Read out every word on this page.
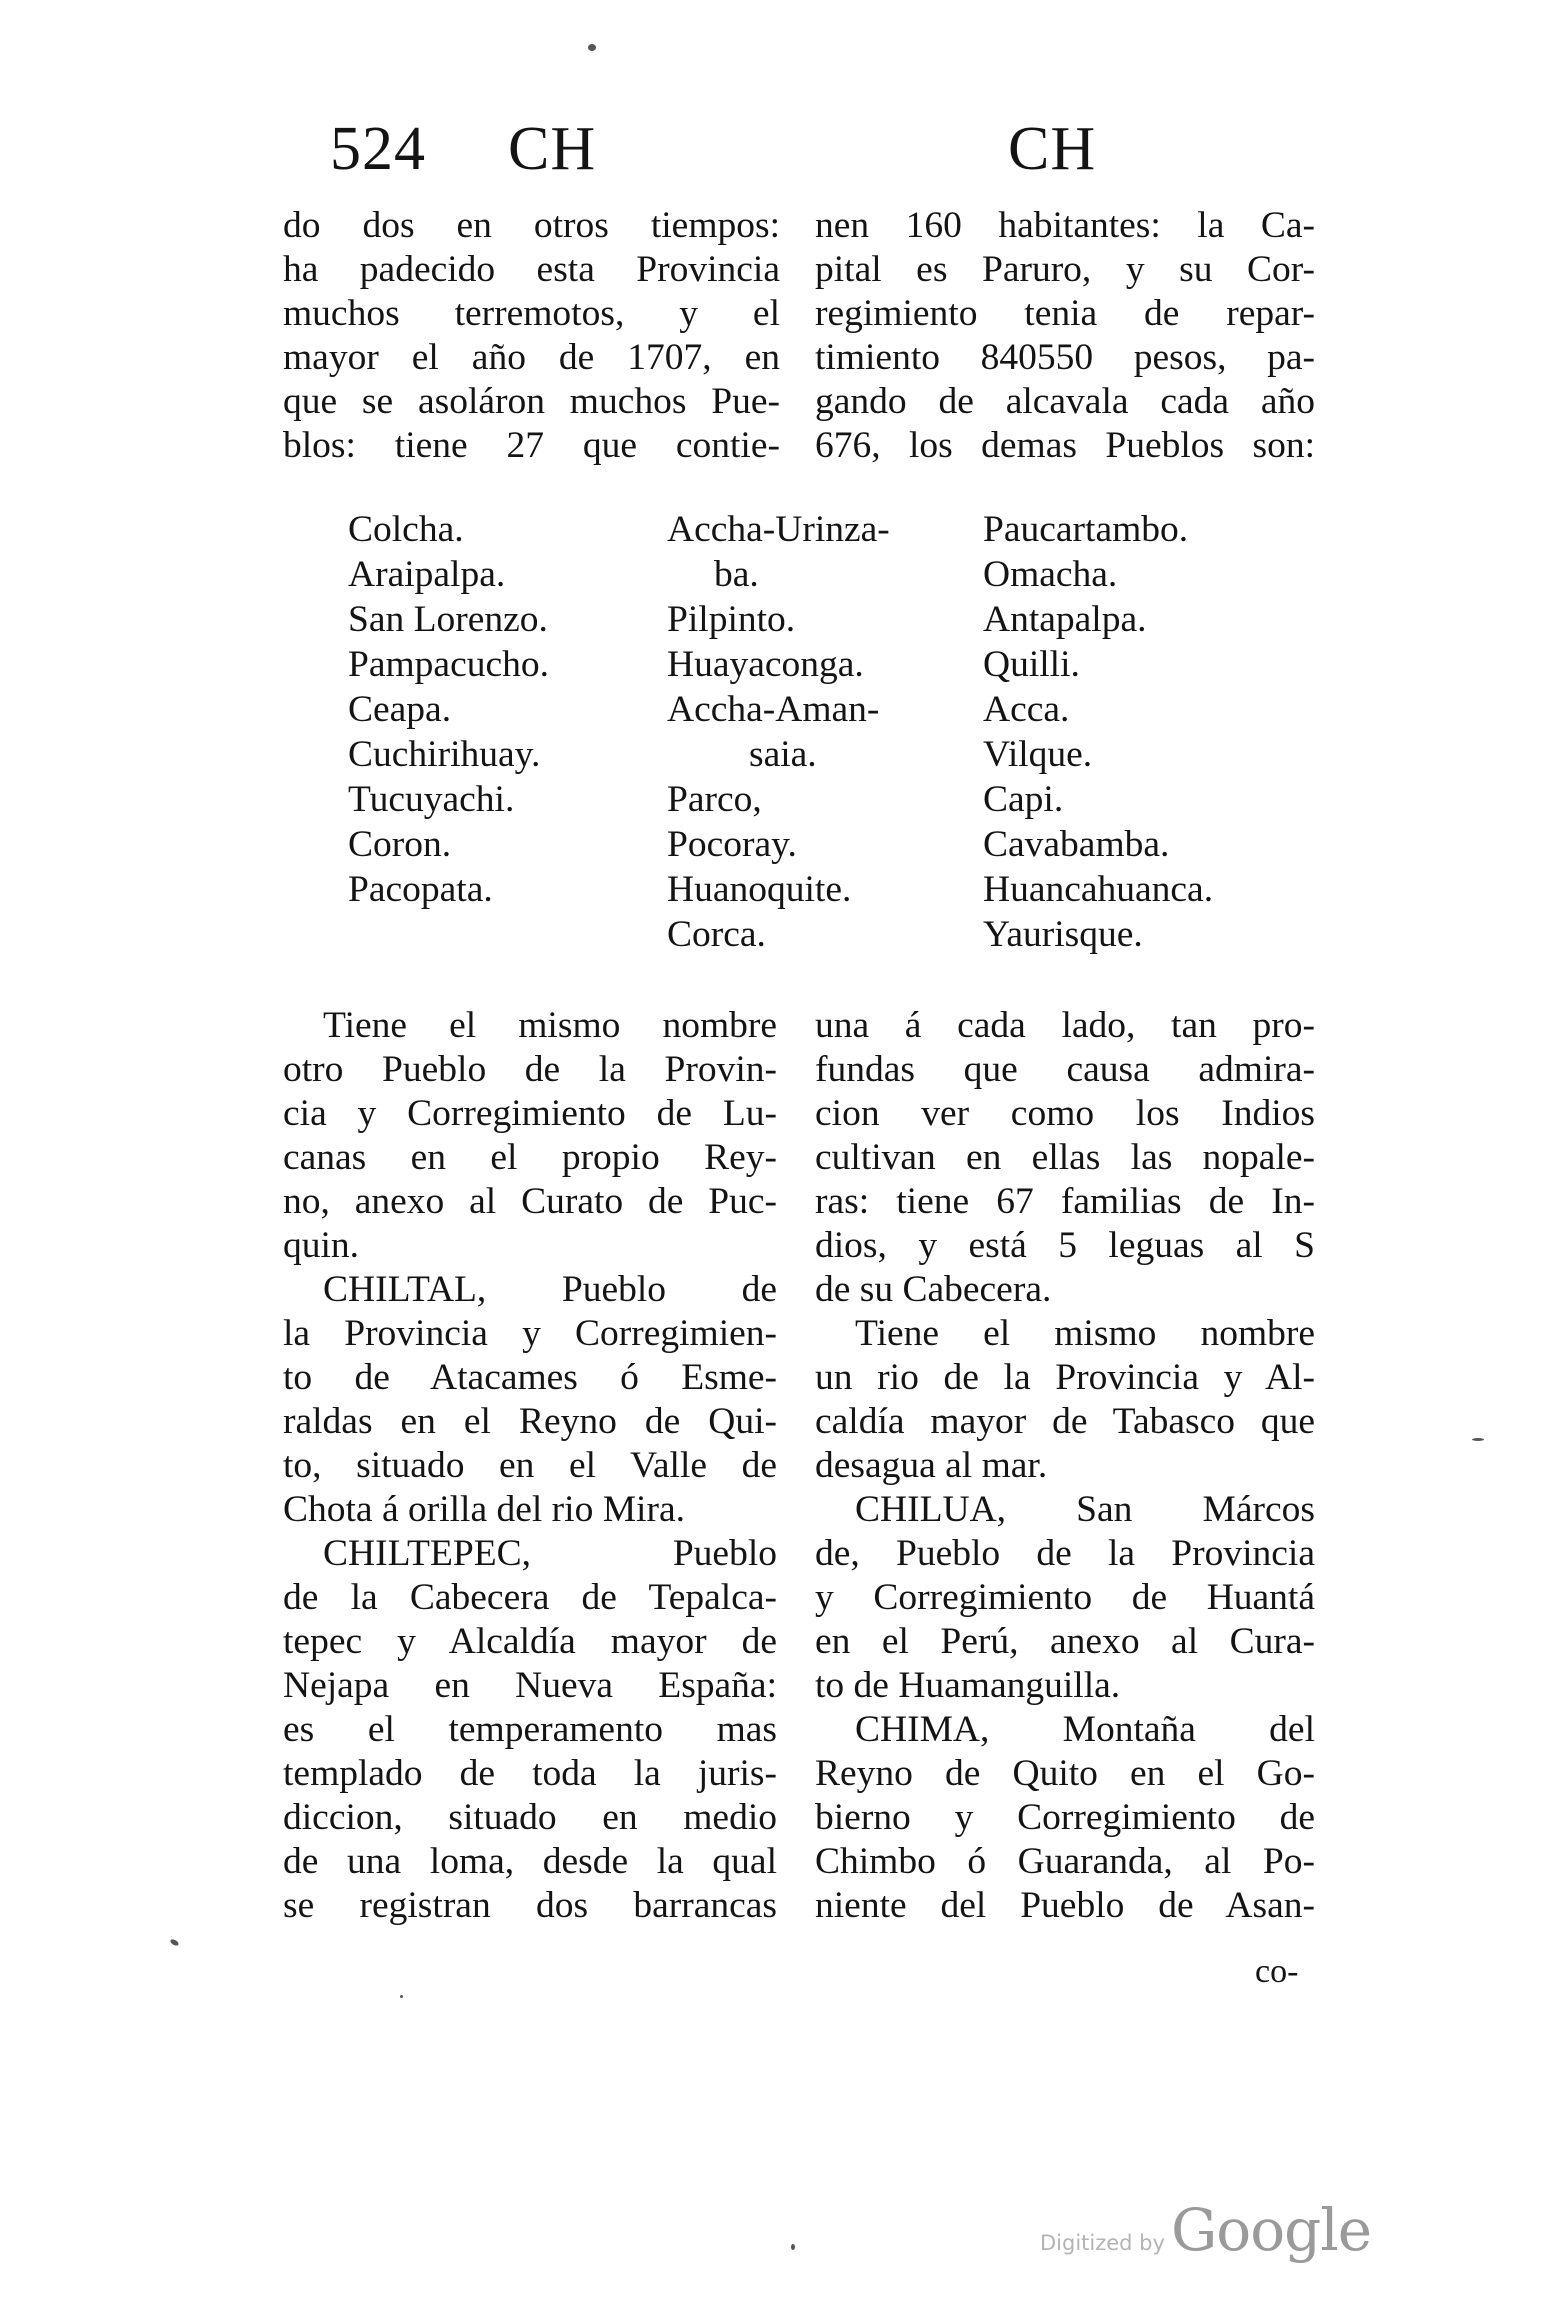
524 CH	CH
do dos en otros tiempos:
ha padecido esta Provincia
muchos terremotos, y el
mayor el año de 1707, en
que se asoláron muchos Pue-
blos: tiene 27 que contie-
nen 160 habitantes: la Ca-
pital es Paruro, y su Cor-
regimiento tenia de repar-
timiento 840550 pesos, pa-
gando de alcavala cada año
676, los demas Pueblos son:
Colcha.
Araipalpa.
San Lorenzo.
Pampacucho.
Ceapa.
Cuchirihuay.
Tucuyachi.
Coron.
Pacopata.
Accha-Urinza-
ba.
Pilpinto.
Huayaconga.
Accha-Aman-
saia.
Parco,
Pocoray.
Huanoquite.
Corca.
Paucartambo.
Omacha.
Antapalpa.
Quilli.
Acca.
Vilque.
Capi.
Cavabamba.
Huancahuanca.
Yaurisque.
Tiene el mismo nombre
otro Pueblo de la Provin-
cia y Corregimiento de Lu-
canas en el propio Rey-
no, anexo al Curato de Puc-
quin.
CHILTAL, Pueblo de
la Provincia y Corregimien-
to de Atacames ó Esme-
raldas en el Reyno de Qui-
to, situado en el Valle de
Chota á orilla del rio Mira.
CHILTEPEC, Pueblo
de la Cabecera de Tepalca-
tepec y Alcaldía mayor de
Nejapa en Nueva España:
es el temperamento mas
templado de toda la juris-
diccion, situado en medio
de una loma, desde la qual
se registran dos barrancas
una á cada lado, tan pro-
fundas que causa admira-
cion ver como los Indios
cultivan en ellas las nopale-
ras: tiene 67 familias de In-
dios, y está 5 leguas al S
de su Cabecera.
Tiene el mismo nombre
un rio de la Provincia y Al-
caldía mayor de Tabasco que
desagua al mar.
CHILUA, San Márcos
de, Pueblo de la Provincia
y Corregimiento de Huantá
en el Perú, anexo al Cura-
to de Huamanguilla.
CHIMA, Montaña del
Reyno de Quito en el Go-
bierno y Corregimiento de
Chimbo ó Guaranda, al Po-
niente del Pueblo de Asan-
co-
Digitized by Google
